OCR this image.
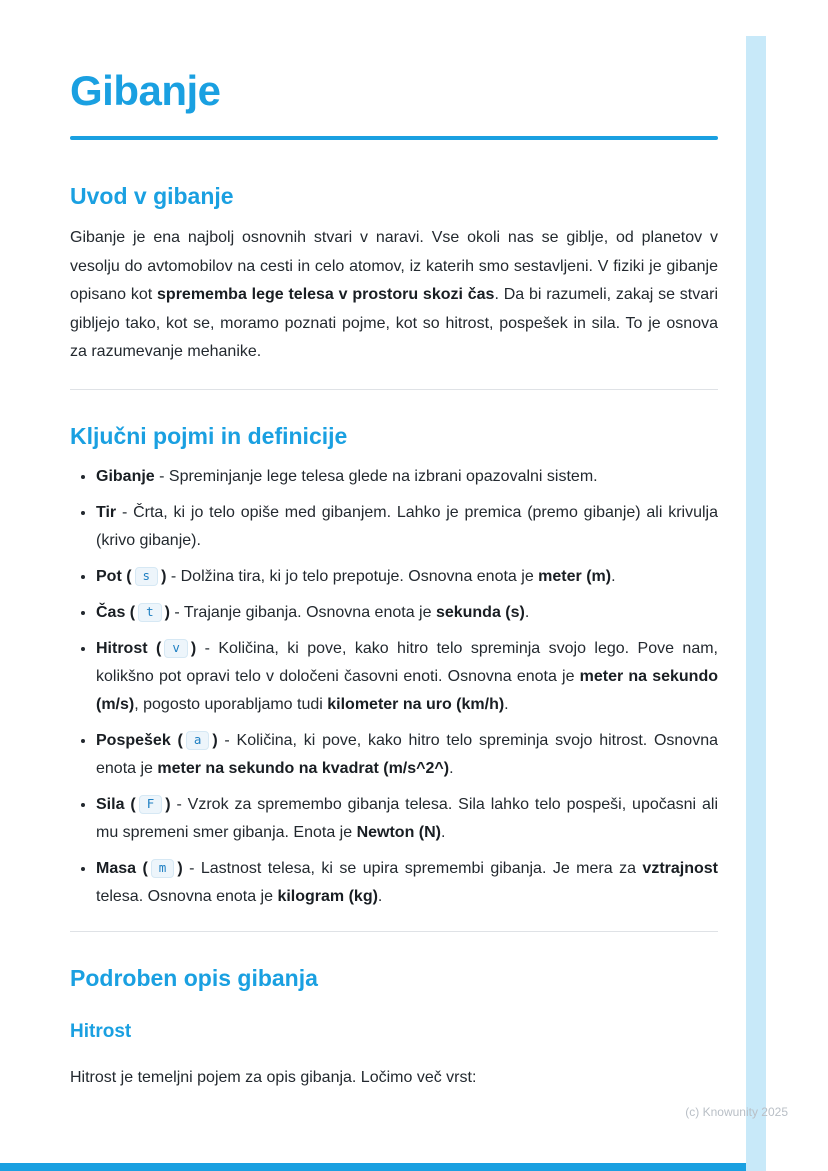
Gibanje
Uvod v gibanje

Gibanje je ena najbolj osnovnih stvari v naravi. Vse okoli nas se giblje, od planetov v vesolju do avtomobilov na cesti in celo atomov, iz katerih smo sestavljeni. V fiziki je gibanje opisano kot sprememba lege telesa v prostoru skozi čas. Da bi razumeli, zakaj se stvari gibljejo tako, kot se, moramo poznati pojme, kot so hitrost, pospešek in sila. To je osnova za razumevanje mehanike.

Ključni pojmi in definicije
• Gibanje - Spreminjanje lege telesa glede na izbrani opazovalni sistem.
• Tir - Črta, ki jo telo opiše med gibanjem. Lahko je premica (premo gibanje) ali krivulja (krivo gibanje).
• Pot ( s ) - Dolžina tira, ki jo telo prepotuje. Osnovna enota je meter (m).
• Čas ( t ) - Trajanje gibanja. Osnovna enota je sekunda (s).
• Hitrost ( v ) - Količina, ki pove, kako hitro telo spreminja svojo lego. Pove nam, kolikšno pot opravi telo v določeni časovni enoti. Osnovna enota je meter na sekundo (m/s), pogosto uporabljamo tudi kilometer na uro (km/h).
• Pospešek ( a ) - Količina, ki pove, kako hitro telo spreminja svojo hitrost. Osnovna enota je meter na sekundo na kvadrat (m/s^2^).
• Sila ( F ) - Vzrok za spremembo gibanja telesa. Sila lahko telo pospeši, upočasni ali mu spremeni smer gibanja. Enota je Newton (N).
• Masa ( m ) - Lastnost telesa, ki se upira spremembi gibanja. Je mera za vztrajnost telesa. Osnovna enota je kilogram (kg).
Podroben opis gibanja
Hitrost

Hitrost je temeljni pojem za opis gibanja. Ločimo več vrst:

(c) Knowunity 2025
